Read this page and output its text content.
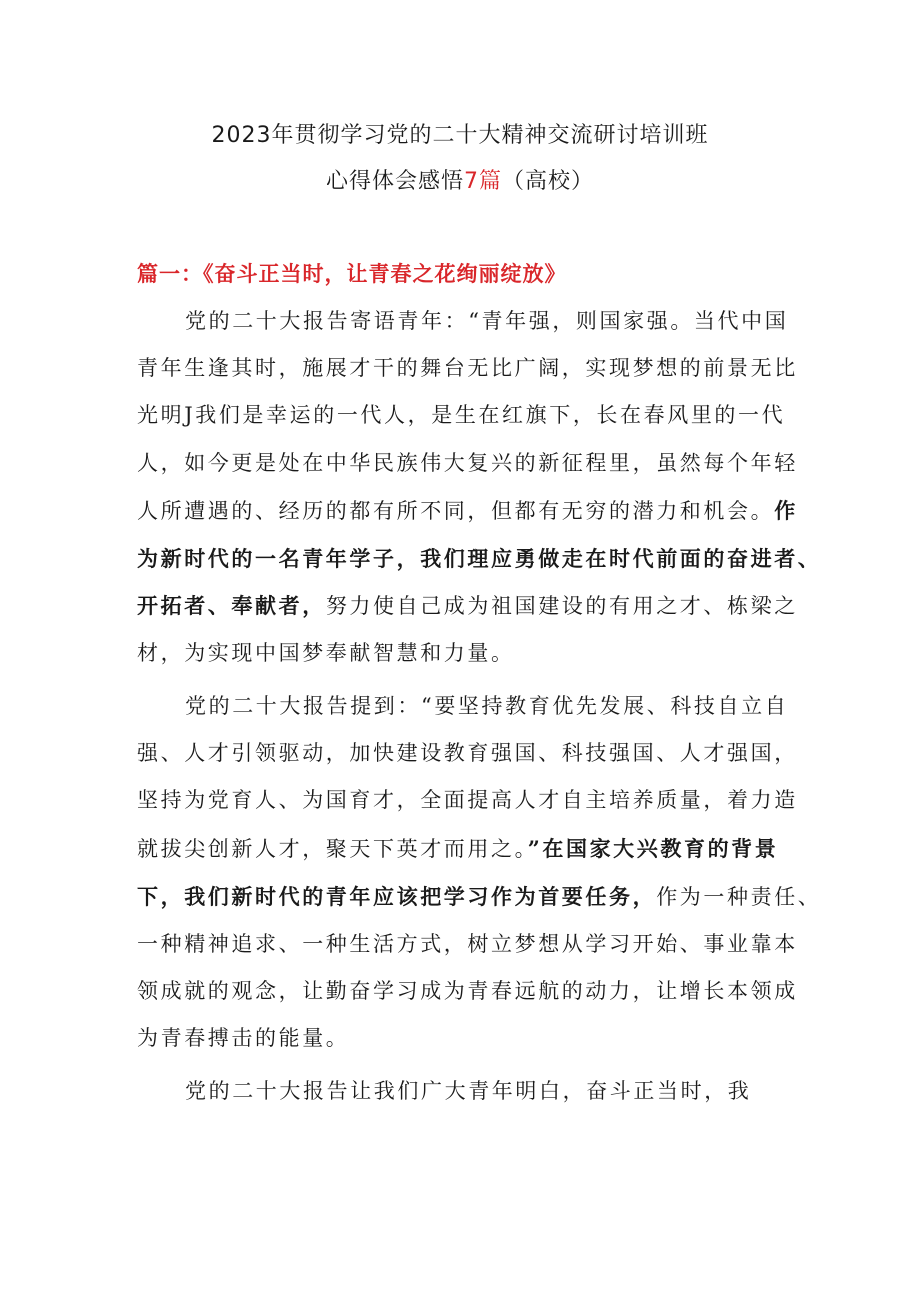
2023年贯彻学习党的二十大精神交流研讨培训班
心得体会感悟7篇（高校）
篇一：《奋斗正当时，让青春之花绚丽绽放》

党的二十大报告寄语青年：“青年强，则国家强。当代中国
青年生逢其时，施展才干的舞台无比广阔，实现梦想的前景无比
光明J我们是幸运的一代人，是生在红旗下，长在春风里的一代
人，如今更是处在中华民族伟大复兴的新征程里，虽然每个年轻
人所遭遇的、经历的都有所不同，但都有无穷的潜力和机会。作
为新时代的一名青年学子，我们理应勇做走在时代前面的奋进者、
开拓者、奉献者，努力使自己成为祖国建设的有用之才、栋梁之
材，为实现中国梦奉献智慧和力量。

党的二十大报告提到：“要坚持教育优先发展、科技自立自
强、人才引领驱动，加快建设教育强国、科技强国、人才强国，
坚持为党育人、为国育才，全面提高人才自主培养质量，着力造
就拔尖创新人才，聚天下英才而用之。”在国家大兴教育的背景
下，我们新时代的青年应该把学习作为首要任务，作为一种责任、
一种精神追求、一种生活方式，树立梦想从学习开始、事业靠本
领成就的观念，让勤奋学习成为青春远航的动力，让增长本领成
为青春搏击的能量。

党的二十大报告让我们广大青年明白，奋斗正当时，我
